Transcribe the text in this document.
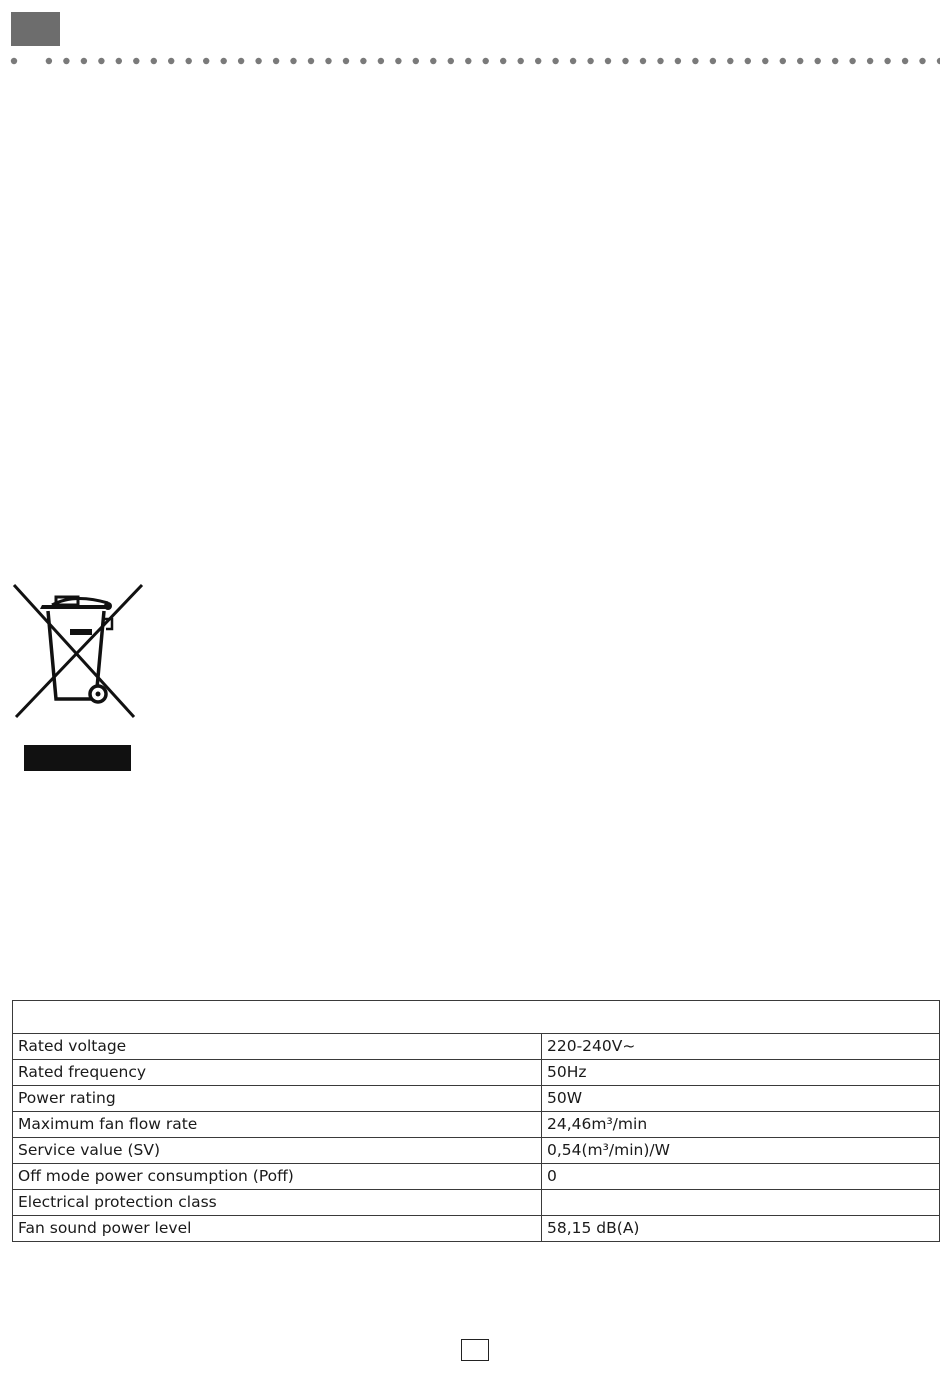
Rated voltage	220-240V~
Rated frequency	50Hz
Power rating	50W
Maximum fan flow rate	24,46m³/min
Service value (SV)	0,54(m³/min)/W
Off mode power consumption (Poff)	0
Electrical protection class	
Fan sound power level	58,15 dB(A)
